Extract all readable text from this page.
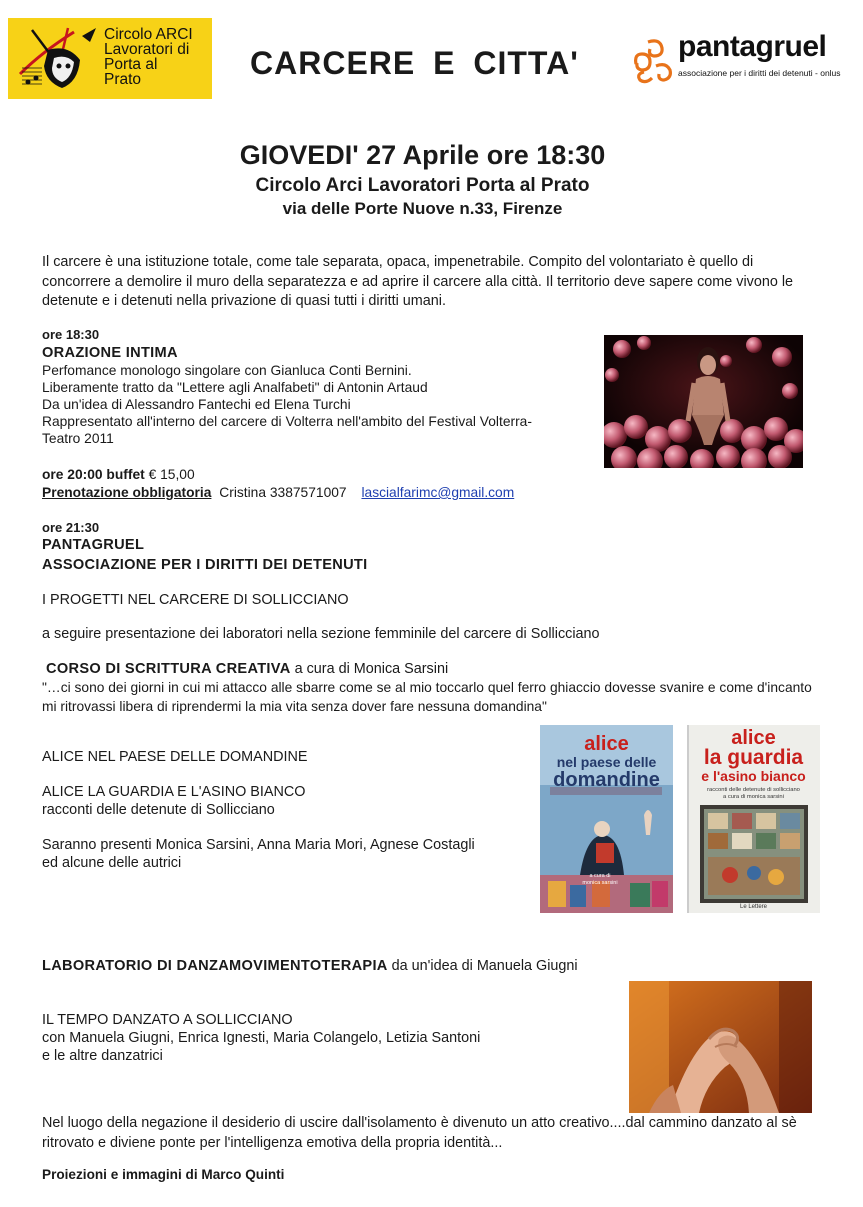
Circolo ARCI
Lavoratori di
Porta al
Prato	CARCERE E CITTA'	pantagruel
associazione per i diritti dei detenuti - onlus
GIOVEDI' 27 Aprile ore 18:30
Circolo Arci Lavoratori Porta al Prato
via delle Porte Nuove n.33, Firenze
Il carcere è una istituzione totale, come tale separata, opaca, impenetrabile. Compito del volontariato è quello di concorrere a demolire il muro della separatezza e ad aprire il carcere alla città. Il territorio deve sapere come vivono le detenute e i detenuti nella privazione di quasi tutti i diritti umani.
ore 18:30
ORAZIONE INTIMA
Perfomance monologo singolare con Gianluca Conti Bernini.
Liberamente tratto da "Lettere agli Analfabeti" di Antonin Artaud
Da un'idea di Alessandro Fantechi ed Elena Turchi
Rappresentato all'interno del carcere di Volterra nell'ambito del Festival Volterra-
Teatro 2011
ore 20:00 buffet € 15,00
Prenotazione obbligatoria Cristina 3387571007 lascialfarimc@gmail.com
ore 21:30
PANTAGRUEL
ASSOCIAZIONE PER I DIRITTI DEI DETENUTI
I PROGETTI NEL CARCERE DI SOLLICCIANO
a seguire presentazione dei laboratori nella sezione femminile del carcere di Sollicciano
CORSO DI SCRITTURA CREATIVA a cura di Monica Sarsini
"…ci sono dei giorni in cui mi attacco alle sbarre come se al mio toccarlo quel ferro ghiaccio dovesse svanire e come d'incanto mi ritrovassi libera di riprendermi la mia vita senza dover fare nessuna domandina"
ALICE NEL PAESE DELLE DOMANDINE
ALICE LA GUARDIA E L'ASINO BIANCO
racconti delle detenute di Sollicciano
Saranno presenti Monica Sarsini, Anna Maria Mori, Agnese Costagli
ed alcune delle autrici
alice
nel paese delle
domandine
a cura di
monica sarsini
alice
la guardia
e l'asino bianco
racconti delle detenute di sollicciano
a cura di monica sarsini
Le Lettere
LABORATORIO DI DANZAMOVIMENTOTERAPIA da un'idea di Manuela Giugni
IL TEMPO DANZATO A SOLLICCIANO
con Manuela Giugni, Enrica Ignesti, Maria Colangelo, Letizia Santoni
e le altre danzatrici
Nel luogo della negazione il desiderio di uscire dall'isolamento è divenuto un atto creativo....dal cammino danzato al sè ritrovato e diviene ponte per l'intelligenza emotiva della propria identità...
Proiezioni e immagini di Marco Quinti
